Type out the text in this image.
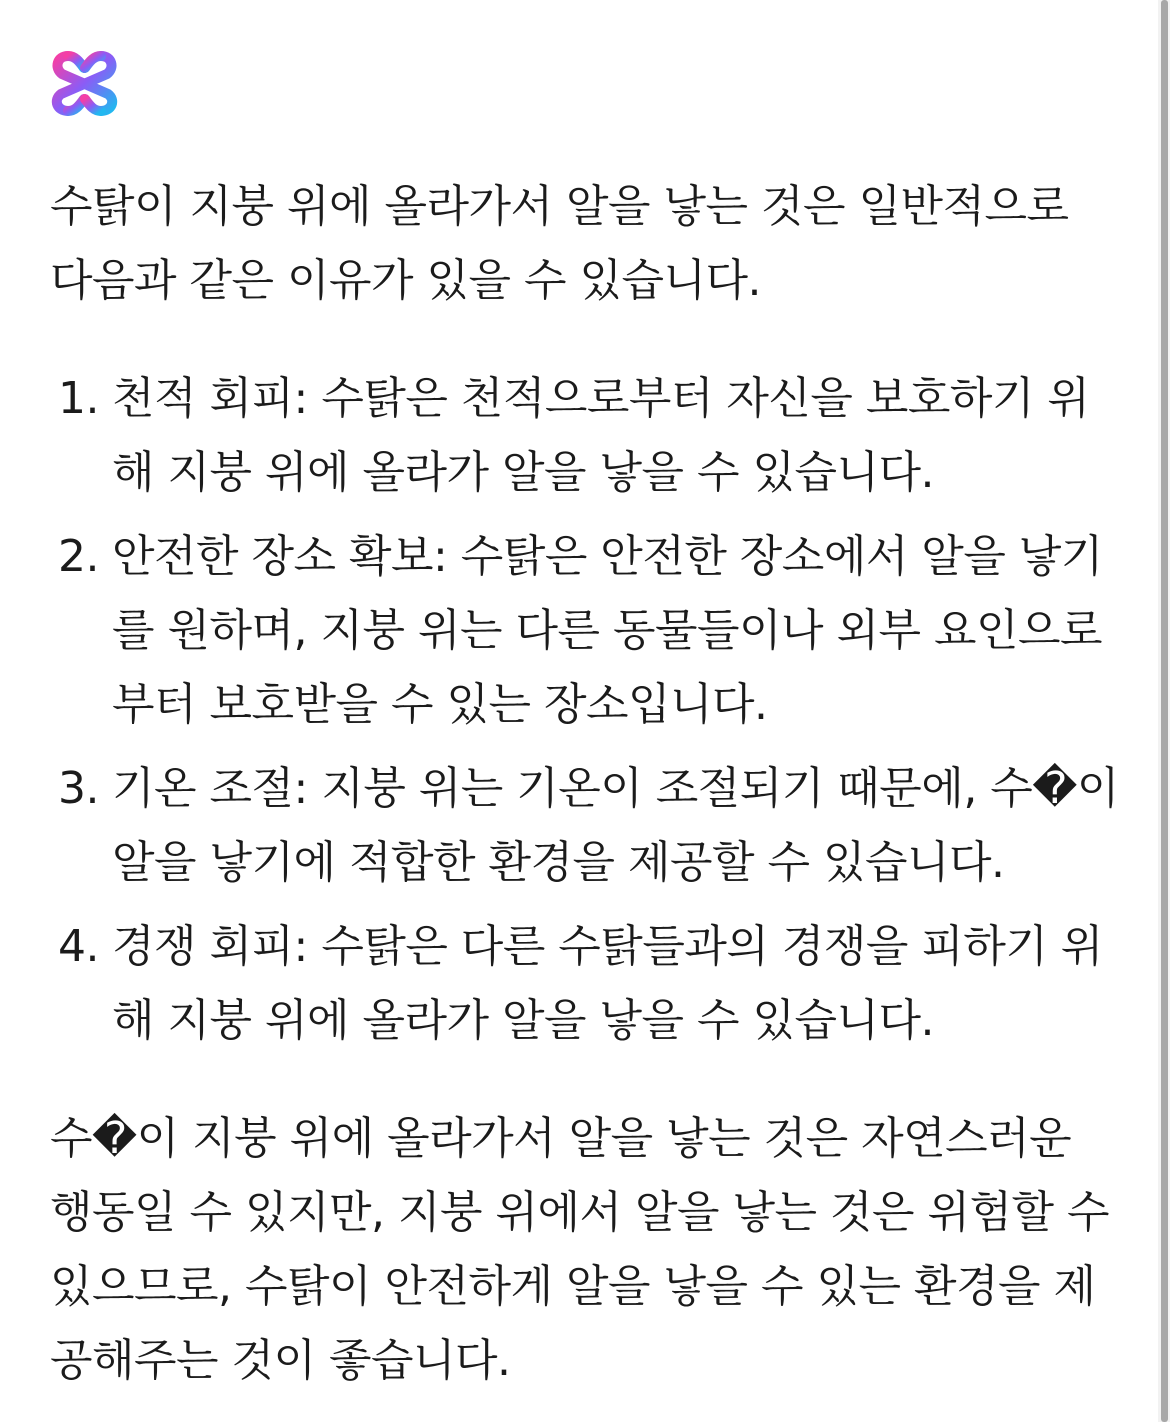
수탉이 지붕 위에 올라가서 알을 낳는 것은 일반적으로 다음과 같은 이유가 있을 수 있습니다.

1. 천적 회피: 수탉은 천적으로부터 자신을 보호하기 위해 지붕 위에 올라가 알을 낳을 수 있습니다.
2. 안전한 장소 확보: 수탉은 안전한 장소에서 알을 낳기를 원하며, 지붕 위는 다른 동물들이나 외부 요인으로부터 보호받을 수 있는 장소입니다.
3. 기온 조절: 지붕 위는 기온이 조절되기 때문에, 수�이 알을 낳기에 적합한 환경을 제공할 수 있습니다.
4. 경쟁 회피: 수탉은 다른 수탉들과의 경쟁을 피하기 위해 지붕 위에 올라가 알을 낳을 수 있습니다.

수�이 지붕 위에 올라가서 알을 낳는 것은 자연스러운 행동일 수 있지만, 지붕 위에서 알을 낳는 것은 위험할 수 있으므로, 수탉이 안전하게 알을 낳을 수 있는 환경을 제공해주는 것이 좋습니다.
